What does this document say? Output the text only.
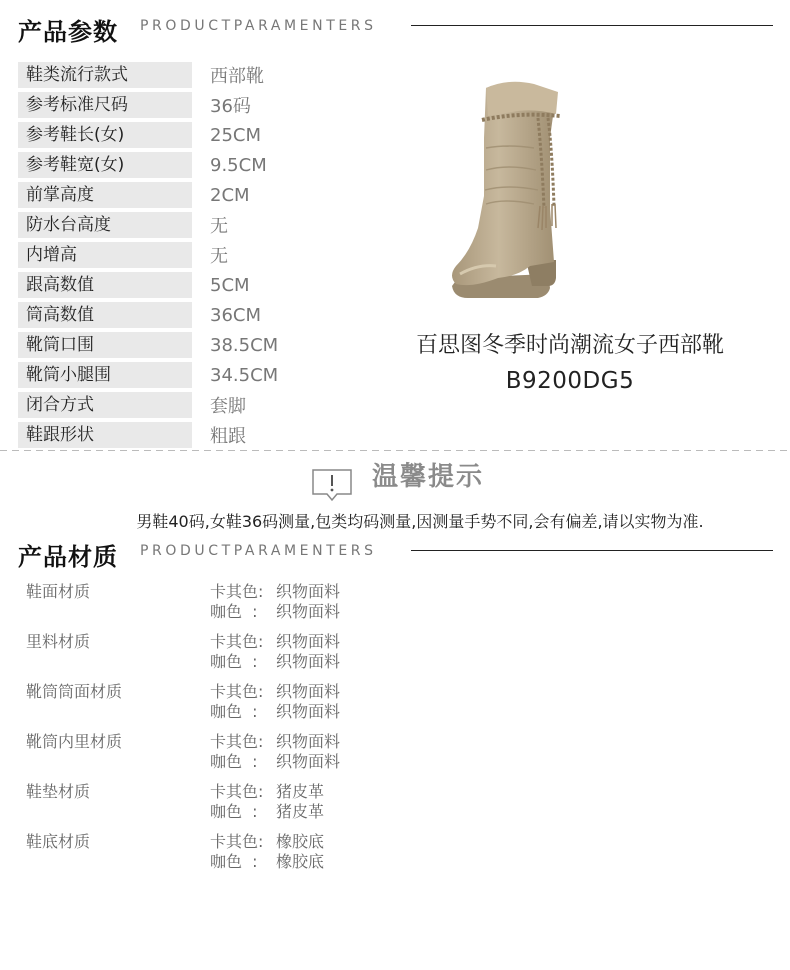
产品参数 PRODUCTPARAMENTERS
鞋类流行款式	西部靴
参考标准尺码	36码
参考鞋长(女)	25CM
参考鞋宽(女)	9.5CM
前掌高度	2CM
防水台高度	无
内增高	无
跟高数值	5CM
筒高数值	36CM
靴筒口围	38.5CM
靴筒小腿围	34.5CM
闭合方式	套脚
鞋跟形状	粗跟
百思图冬季时尚潮流女子西部靴
B9200DG5
温馨提示
男鞋40码,女鞋36码测量,包类均码测量,因测量手势不同,会有偏差,请以实物为准.
产品材质 PRODUCTPARAMENTERS
鞋面材质	卡其色: 织物面料
咖色  :	织物面料
里料材质	卡其色: 织物面料
咖色  :	织物面料
靴筒筒面材质	卡其色: 织物面料
咖色  :	织物面料
靴筒内里材质	卡其色: 织物面料
咖色  :	织物面料
鞋垫材质	卡其色: 猪皮革
咖色  :	猪皮革
鞋底材质	卡其色: 橡胶底
咖色  :	橡胶底
